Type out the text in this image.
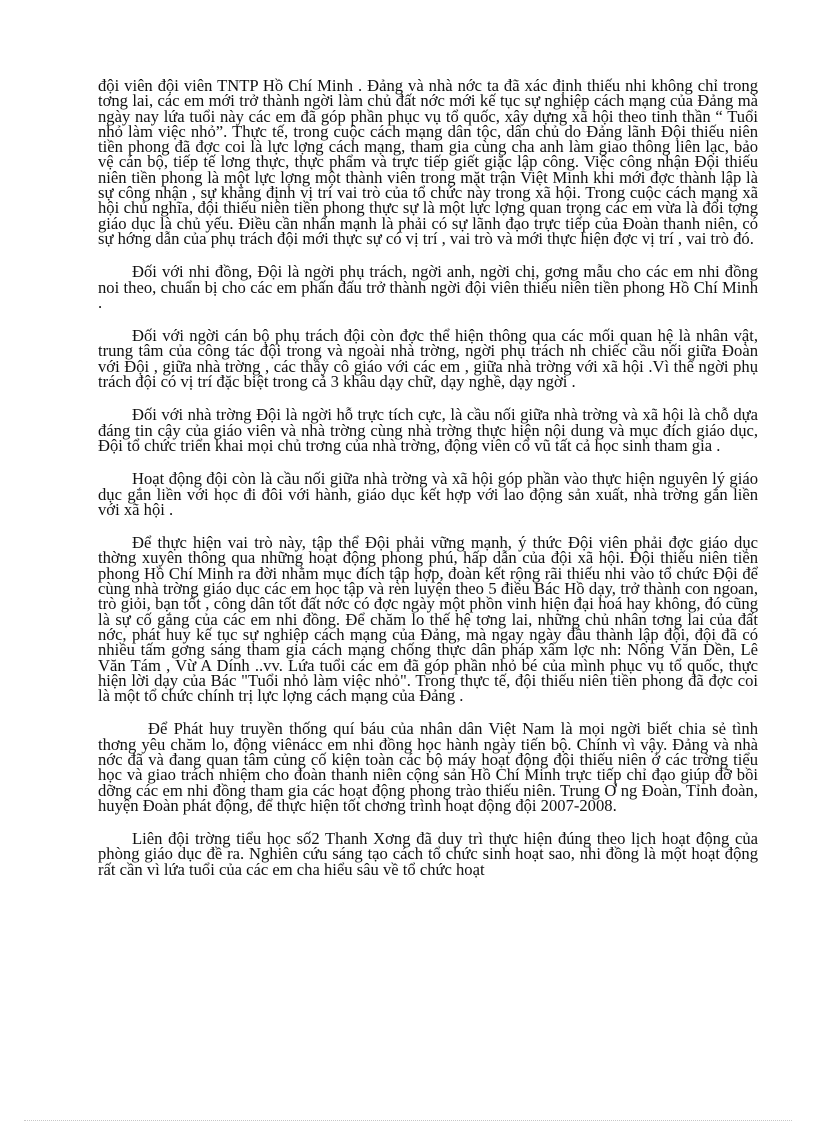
đội viên đội viên TNTP Hồ Chí Minh . Đảng và nhà nớc ta đã xác định thiếu nhi không chỉ trong tơng lai, các em mới trở thành ngời làm chủ đất nớc mới kế tục sự nghiệp cách mạng của Đảng mà ngày nay lứa tuổi này các em đã góp phần phục vụ tổ quốc, xây dựng xã hội theo tinh thần “ Tuổi nhỏ làm việc nhỏ”. Thực tế, trong cuộc cách mạng dân tộc, dân chủ do Đảng lãnh Đội thiếu niên tiền phong đã đợc coi là lực lợng cách mạng, tham gia cùng cha anh làm giao thông liên lạc, bảo vệ cán bộ, tiếp tế lơng thực, thực phẩm và trực tiếp giết giặc lập công. Việc công nhận Đội thiếu niên tiền phong là một lực lợng một thành viên trong mặt trận Việt Minh khi mới đợc thành lập là sự công nhận , sự khẳng định vị trí vai trò của tổ chức này trong xã hội. Trong cuộc cách mạng xã hội chủ nghĩa, đội thiếu niên tiền phong thực sự là một lực lợng quan trọng các em vừa là đối tợng giáo dục là chủ yếu. Điều cần nhấn mạnh là phải có sự lãnh đạo trực tiếp của Đoàn thanh niên, có sự hớng dẫn của phụ trách đội mới thực sự có vị trí , vai trò và mới thực hiện đợc vị trí , vai trò đó.

Đối với nhi đồng, Đội là ngời phụ trách, ngời anh, ngời chị, gơng mẫu cho các em nhi đồng noi theo, chuẩn bị cho các em phấn đấu trở thành ngời đội viên thiếu niên tiền phong Hồ Chí Minh .

Đối với ngời cán bộ phụ trách đội còn đợc thể hiện thông qua các mối quan hệ là nhân vật, trung tâm của công tác đội trong và ngoài nhà trờng, ngời phụ trách nh chiếc cầu nối giữa Đoàn với Đội , giữa nhà trờng , các thầy cô giáo với các em , giữa nhà trờng với xã hội .Vì thế ngời phụ trách đội có vị trí đặc biệt trong cả 3 khâu dạy chữ, dạy nghề, dạy ngời .

Đối với nhà trờng Đội là ngời hỗ trực tích cực, là cầu nối giữa nhà trờng và xã hội là chỗ dựa đáng tin cậy của giáo viên và nhà trờng cùng nhà trờng thực hiện nội dung và mục đích giáo dục, Đội tổ chức triển khai mọi chủ trơng của nhà trờng, động viên cổ vũ tất cả học sinh tham gia .

Hoạt động đội còn là cầu nối giữa nhà trờng và xã hội góp phần vào thực hiện nguyên lý giáo dục gắn liền với học đi đôi với hành, giáo dục kết hợp với lao động sản xuất, nhà trờng gắn liền với xã hội .

Để thực hiện vai trò này, tập thể Đội phải vững mạnh, ý thức Đội viên phải đợc giáo dục thờng xuyên thông qua những hoạt động phong phú, hấp dẫn của đội xã hội. Đội thiếu niên tiền phong Hồ Chí Minh ra đời nhằm mục đích tập hợp, đoàn kết rộng rãi thiếu nhi vào tổ chức Đội để cùng nhà trờng giáo dục các em học tập và rèn luyện theo 5 điều Bác Hồ dạy, trở thành con ngoan, trò giỏi, bạn tốt , công dân tốt đất nớc có đợc ngày một phồn vinh hiện đại hoá hay không, đó cũng là sự cố gắng của các em nhi đồng. Để chăm lo thế hệ tơng lai, những chủ nhân tơng lai của đất nớc, phát huy kế tục sự nghiệp cách mạng của Đảng, mà ngay ngày đầu thành lập đội, đội đã có nhiều tấm gơng sáng tham gia cách mạng chống thực dân pháp xâm lợc nh: Nông Văn Dền, Lê Văn Tám , Vừ A Dính ..vv. Lứa tuổi các em đã góp phần nhỏ bé của mình phục vụ tổ quốc, thực hiện lời dạy của Bác "Tuổi nhỏ làm việc nhỏ". Trong thực tế, đội thiếu niên tiền phong đã đợc coi là một tổ chức chính trị lực lợng cách mạng của Đảng .

Để Phát huy truyền thống quí báu của nhân dân Việt Nam là mọi ngời biết chia sẻ tình thơng yêu chăm lo, động viênácc em nhi đồng học hành ngày tiến bộ. Chính vì vậy. Đảng và nhà nớc đã và đang quan tâm củng cố kiện toàn các bộ máy hoạt động đội thiếu niên ở các trờng tiểu học và giao trách nhiệm cho đoàn thanh niên cộng sản Hồ Chí Minh trực tiếp chỉ đạo giúp đỡ bồi dỡng các em nhi đồng tham gia các hoạt động phong trào thiếu niên. Trung Ơ ng Đoàn, Tỉnh đoàn, huyện Đoàn phát động, để thực hiện tốt chơng trình hoạt động đội 2007-2008.

Liên đội trờng tiểu học số2 Thanh Xơng đã duy trì thực hiện đúng theo lịch hoạt động của phòng giáo dục đề ra. Nghiên cứu sáng tạo cách tổ chức sinh hoạt sao, nhi đồng là một hoạt động rất cần vì lứa tuổi của các em cha hiểu sâu về tổ chức hoạt
